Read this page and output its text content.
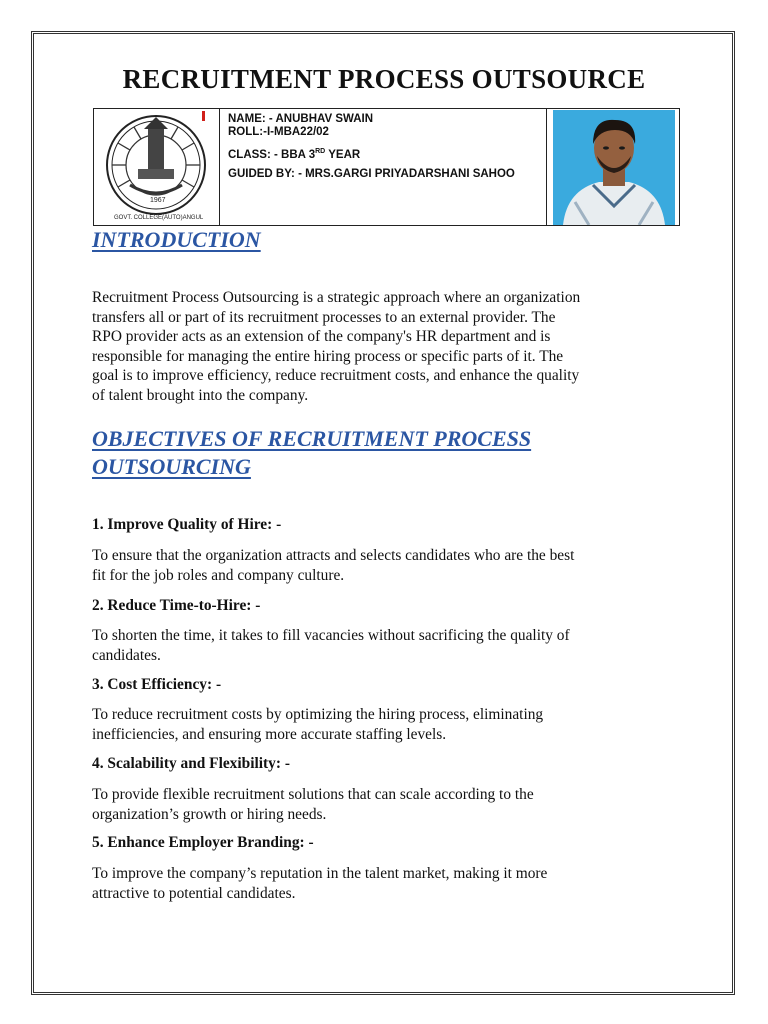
RECRUITMENT PROCESS OUTSOURCE
1967
GOVT. COLLEGE(AUTO)ANGUL
NAME: - ANUBHAV SWAIN
ROLL:-I-MBA22/02
CLASS: - BBA 3RD YEAR
GUIDED BY: - MRS.GARGI PRIYADARSHANI SAHOO
INTRODUCTION
Recruitment Process Outsourcing is a strategic approach where an organization
transfers all or part of its recruitment processes to an external provider. The
RPO provider acts as an extension of the company's HR department and is
responsible for managing the entire hiring process or specific parts of it. The
goal is to improve efficiency, reduce recruitment costs, and enhance the quality
of talent brought into the company.
OBJECTIVES OF RECRUITMENT PROCESS
OUTSOURCING
1. Improve Quality of Hire: -
To ensure that the organization attracts and selects candidates who are the best
fit for the job roles and company culture.
2. Reduce Time-to-Hire: -
To shorten the time, it takes to fill vacancies without sacrificing the quality of
candidates.
3. Cost Efficiency: -
To reduce recruitment costs by optimizing the hiring process, eliminating
inefficiencies, and ensuring more accurate staffing levels.
4. Scalability and Flexibility: -
To provide flexible recruitment solutions that can scale according to the
organization’s growth or hiring needs.
5. Enhance Employer Branding: -
To improve the company’s reputation in the talent market, making it more
attractive to potential candidates.
